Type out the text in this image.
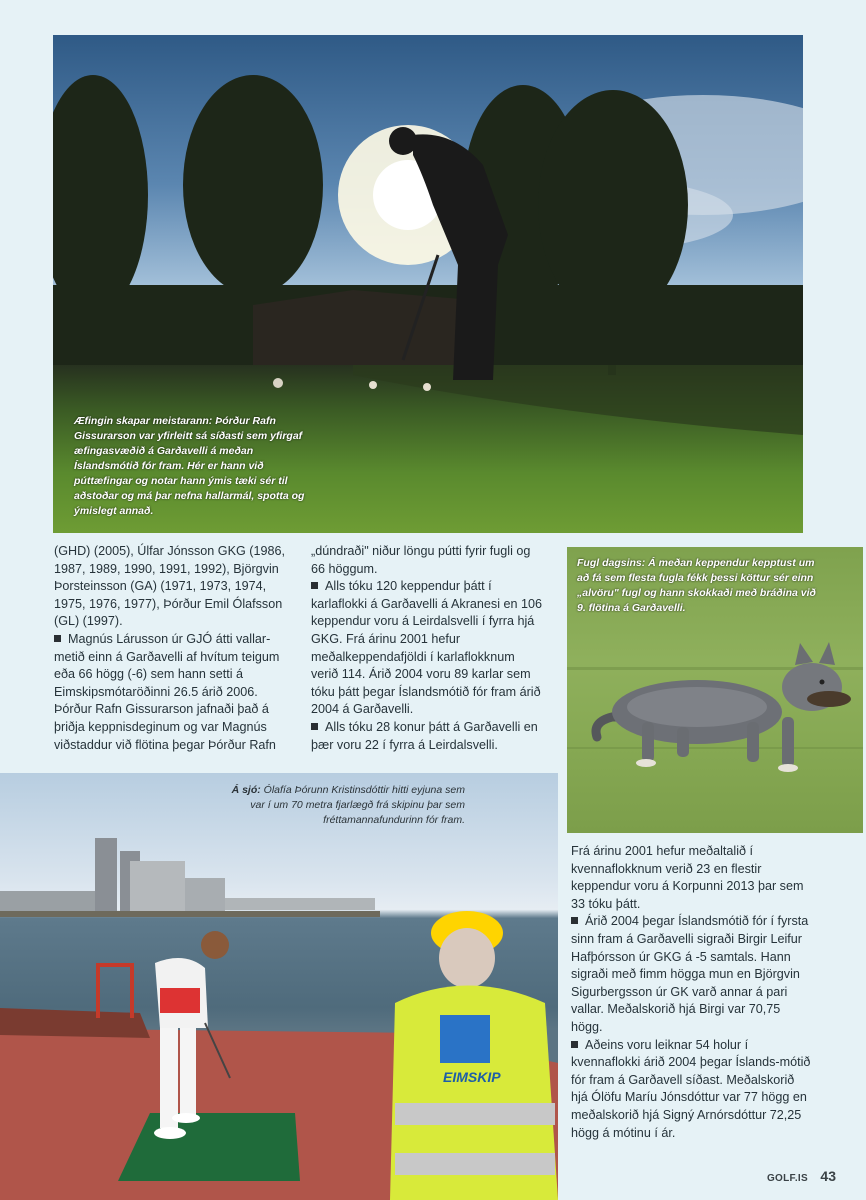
Æfingin skapar meistarann: Þórður Rafn Gissurarson var yfirleitt sá síðasti sem yfirgaf æfingasvæðið á Garðavelli á meðan Íslandsmótið fór fram. Hér er hann við púttæfingar og notar hann ýmis tæki sér til aðstoðar og má þar nefna hallarmál, spotta og ýmislegt annað.

(GHD) (2005), Úlfar Jónsson GKG (1986, 1987, 1989, 1990, 1991, 1992), Björgvin Þorsteinsson (GA) (1971, 1973, 1974, 1975, 1976, 1977), Þórður Emil Ólafsson (GL) (1997).

Magnús Lárusson úr GJÓ átti vallar-metið einn á Garðavelli af hvítum teigum eða 66 högg (-6) sem hann setti á Eimskipsmótaröðinni 26.5 árið 2006. Þórður Rafn Gissurarson jafnaði það á þriðja keppnisdeginum og var Magnús viðstaddur við flötina þegar Þórður Rafn

„dúndraði" niður löngu pútti fyrir fugli og 66 höggum.

Alls tóku 120 keppendur þátt í karlaflokki á Garðavelli á Akranesi en 106 keppendur voru á Leirdalsvelli í fyrra hjá GKG. Frá árinu 2001 hefur meðalkeppendafjöldi í karlaflokknum verið 114. Árið 2004 voru 89 karlar sem tóku þátt þegar Íslandsmótið fór fram árið 2004 á Garðavelli.

Alls tóku 28 konur þátt á Garðavelli en þær voru 22 í fyrra á Leirdalsvelli.

Fugl dagsins: Á meðan keppendur kepptust um að fá sem flesta fugla fékk þessi köttur sér einn „alvöru" fugl og hann skokkaði með bráðina við 9. flötina á Garðavelli.
EIMSKIP
Á sjó: Ólafía Þórunn Kristinsdóttir hitti eyjuna sem var í um 70 metra fjarlægð frá skipinu þar sem fréttamannafundurinn fór fram.

Frá árinu 2001 hefur meðaltalið í kvennaflokknum verið 23 en flestir keppendur voru á Korpunni 2013 þar sem 33 tóku þátt.

Árið 2004 þegar Íslandsmótið fór í fyrsta sinn fram á Garðavelli sigraði Birgir Leifur Hafþórsson úr GKG á -5 samtals. Hann sigraði með fimm högga mun en Björgvin Sigurbergsson úr GK varð annar á pari vallar. Meðalskorið hjá Birgi var 70,75 högg.

Aðeins voru leiknar 54 holur í kvennaflokki árið 2004 þegar Íslands-mótið fór fram á Garðavell síðast. Meðalskorið hjá Ólöfu Maríu Jónsdóttur var 77 högg en meðalskorið hjá Signý Arnórsdóttur 72,25 högg á mótinu í ár.

GOLF.IS 43
